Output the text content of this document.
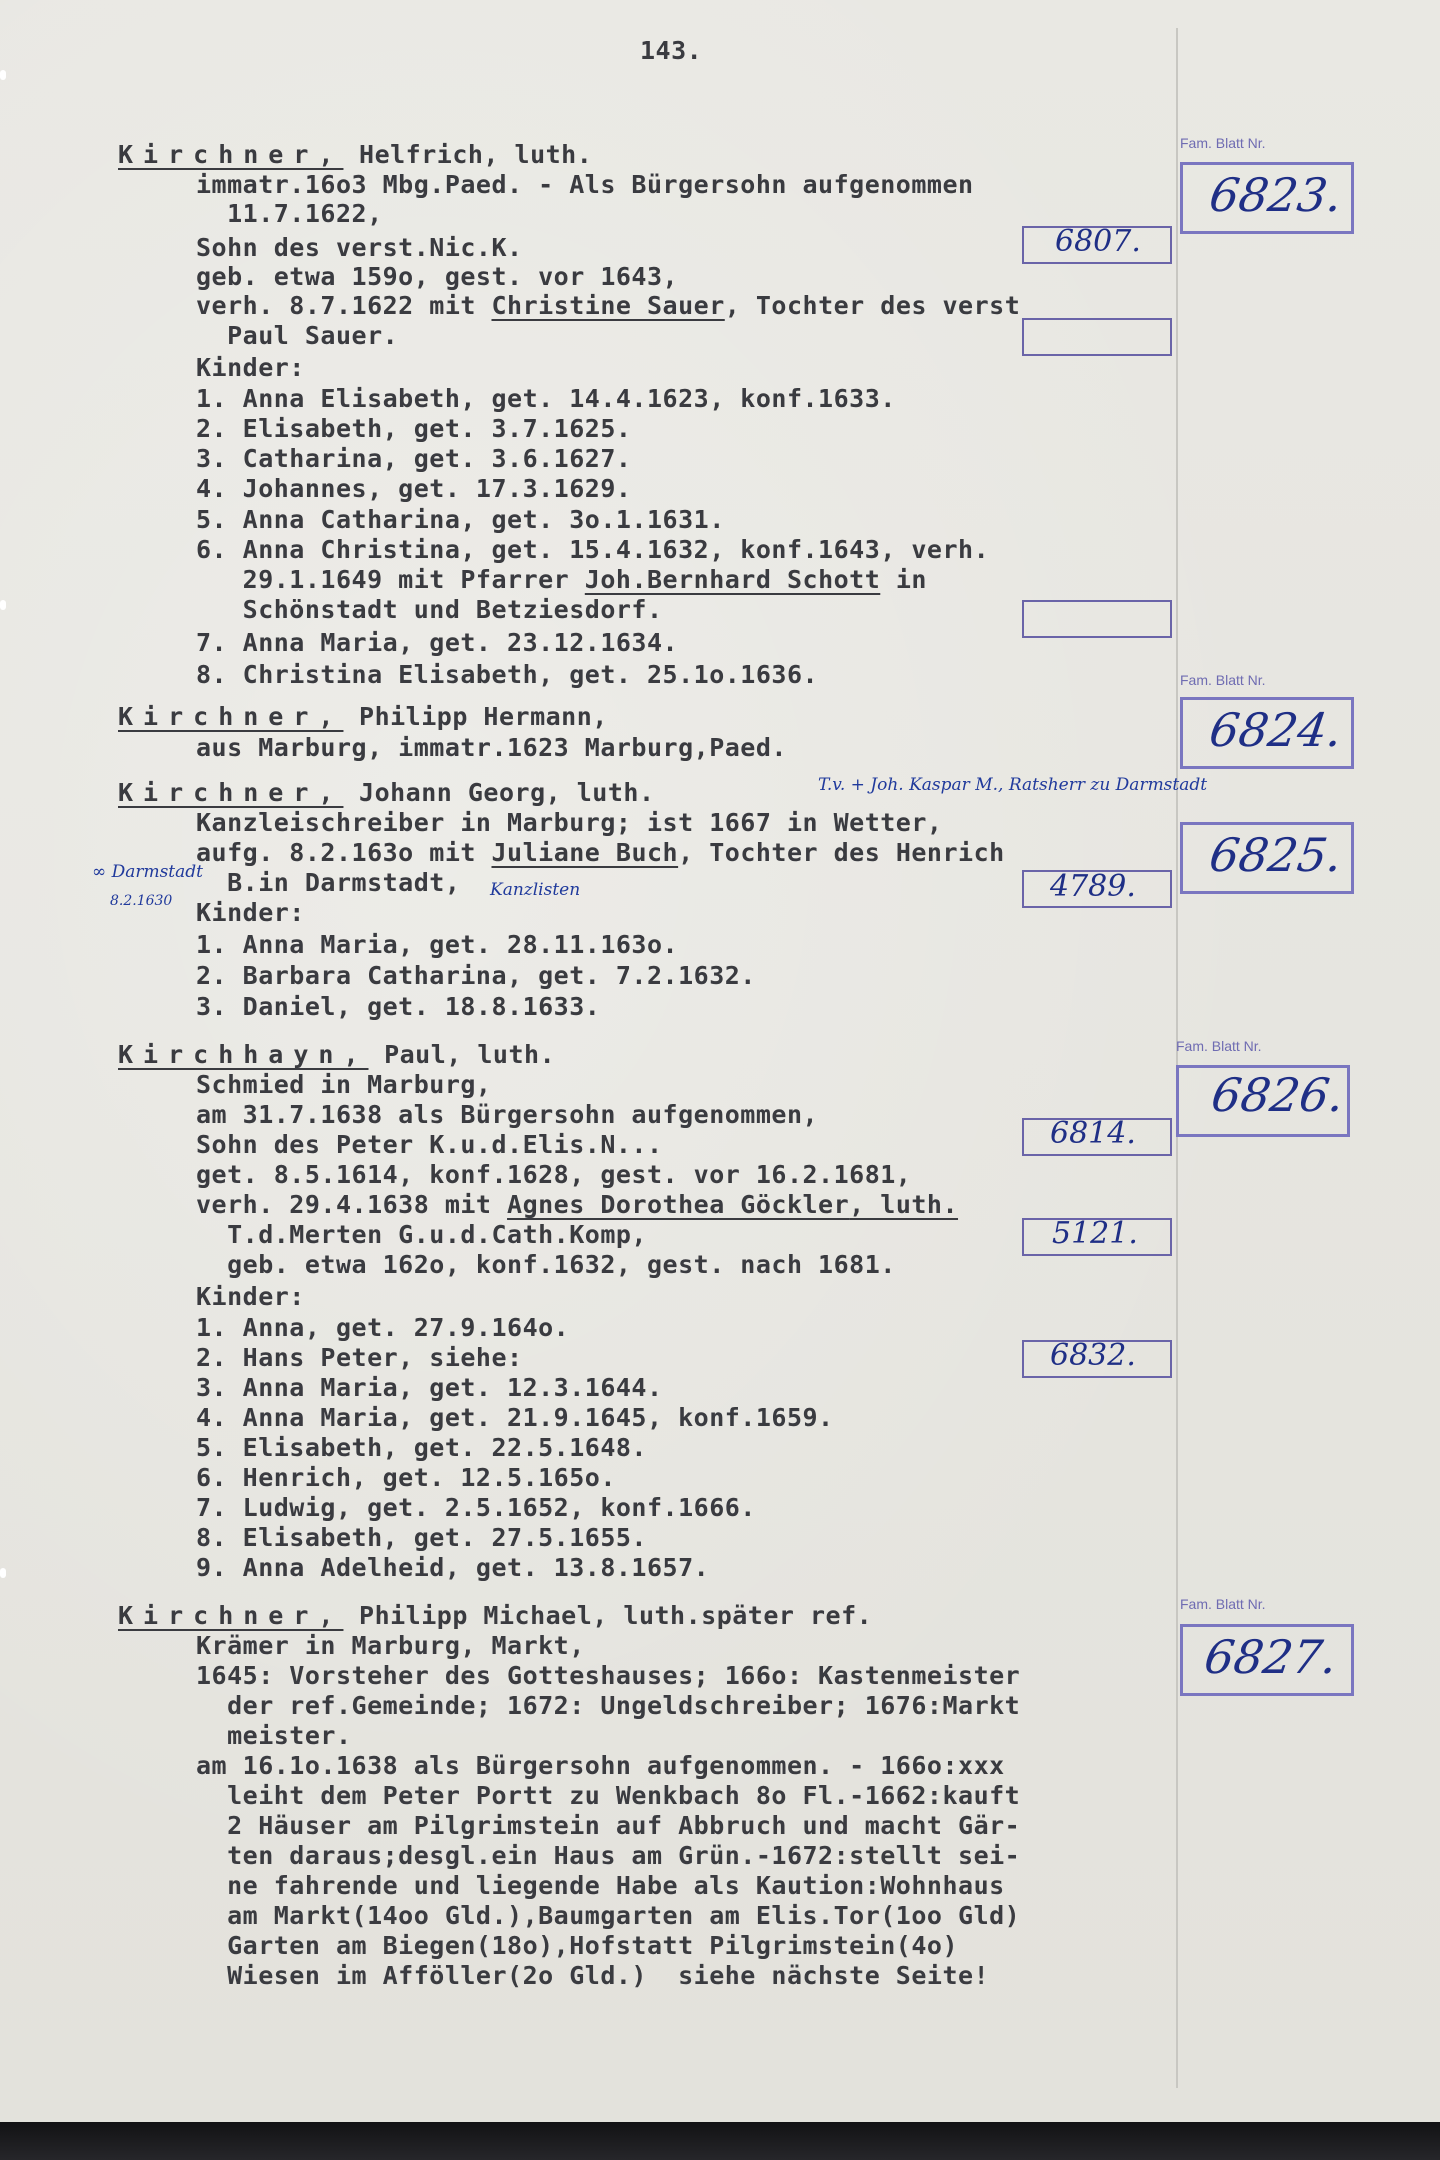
143.
Kirchner, Helfrich, luth.
immatr.16o3 Mbg.Paed. - Als Bürgersohn aufgenommen
11.7.1622,
Sohn des verst.Nic.K.
geb. etwa 159o, gest. vor 1643,
verh. 8.7.1622 mit Christine Sauer, Tochter des verst
Paul Sauer.
Kinder:
1. Anna Elisabeth, get. 14.4.1623, konf.1633.
2. Elisabeth, get. 3.7.1625.
3. Catharina, get. 3.6.1627.
4. Johannes, get. 17.3.1629.
5. Anna Catharina, get. 3o.1.1631.
6. Anna Christina, get. 15.4.1632, konf.1643, verh.
29.1.1649 mit Pfarrer Joh.Bernhard Schott in
Schönstadt und Betziesdorf.
7. Anna Maria, get. 23.12.1634.
8. Christina Elisabeth, get. 25.1o.1636.
Fam. Blatt Nr.
6823.
6807.
Kirchner, Philipp Hermann,
aus Marburg, immatr.1623 Marburg,Paed.
Fam. Blatt Nr.
6824.
Kirchner, Johann Georg, luth.	T.v. + Joh. Kaspar M., Ratsherr zu Darmstadt
Kanzleischreiber in Marburg; ist 1667 in Wetter,
aufg. 8.2.163o mit Juliane Buch, Tochter des Henrich
B.in Darmstadt, Kanzlisten
∞ Darmstadt
8.2.1630 Kinder:
1. Anna Maria, get. 28.11.163o.
2. Barbara Catharina, get. 7.2.1632.
3. Daniel, get. 18.8.1633.
6825.
4789.
Kirchhayn, Paul, luth.
Schmied in Marburg,
am 31.7.1638 als Bürgersohn aufgenommen,
Sohn des Peter K.u.d.Elis.N...
get. 8.5.1614, konf.1628, gest. vor 16.2.1681,
verh. 29.4.1638 mit Agnes Dorothea Göckler, luth.
T.d.Merten G.u.d.Cath.Komp,
geb. etwa 162o, konf.1632, gest. nach 1681.
Kinder:
1. Anna, get. 27.9.164o.
2. Hans Peter, siehe:
3. Anna Maria, get. 12.3.1644.
4. Anna Maria, get. 21.9.1645, konf.1659.
5. Elisabeth, get. 22.5.1648.
6. Henrich, get. 12.5.165o.
7. Ludwig, get. 2.5.1652, konf.1666.
8. Elisabeth, get. 27.5.1655.
9. Anna Adelheid, get. 13.8.1657.
Fam. Blatt Nr.
6826.
6814.
5121.
6832.
Kirchner, Philipp Michael, luth.später ref.
Krämer in Marburg, Markt,
1645: Vorsteher des Gotteshauses; 166o: Kastenmeister
der ref.Gemeinde; 1672: Ungeldschreiber; 1676:Markt
meister.
am 16.1o.1638 als Bürgersohn aufgenommen. - 166o:xxx
leiht dem Peter Portt zu Wenkbach 8o Fl.-1662:kauft
2 Häuser am Pilgrimstein auf Abbruch und macht Gär-
ten daraus;desgl.ein Haus am Grün.-1672:stellt sei-
ne fahrende und liegende Habe als Kaution:Wohnhaus
am Markt(14oo Gld.),Baumgarten am Elis.Tor(1oo Gld)
Garten am Biegen(18o),Hofstatt Pilgrimstein(4o)
Wiesen im Afföller(2o Gld.)  siehe nächste Seite!
Fam. Blatt Nr.
6827.
